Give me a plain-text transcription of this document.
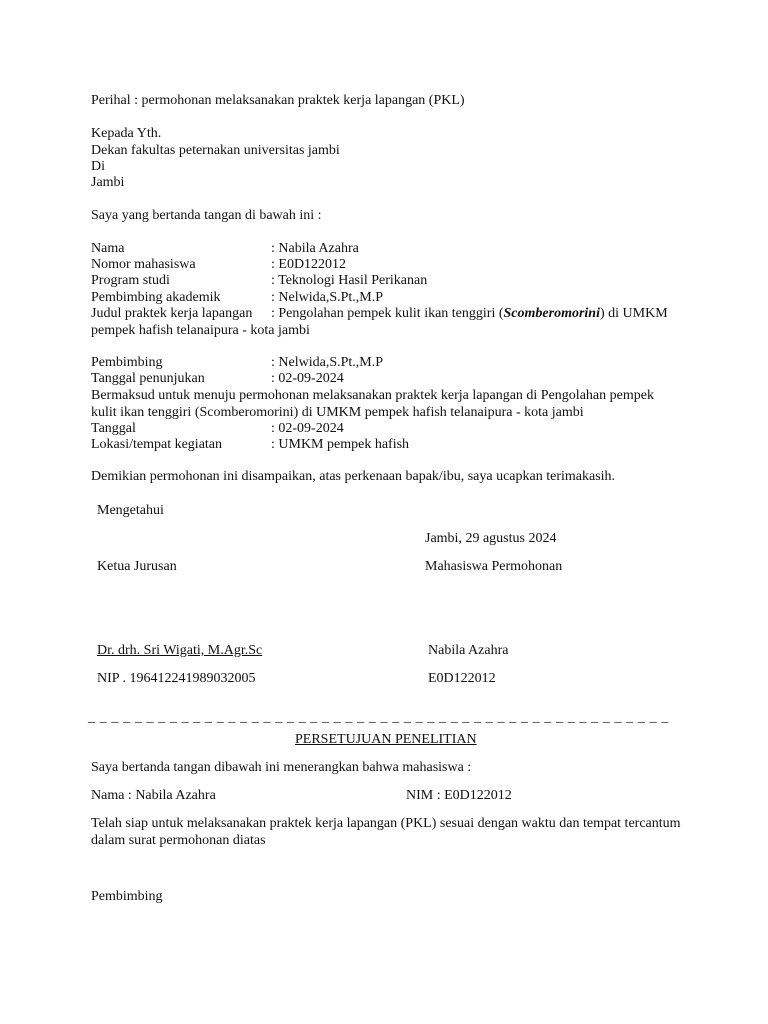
Perihal : permohonan melaksanakan praktek kerja lapangan (PKL)
Kepada Yth.
Dekan fakultas peternakan universitas jambi
Di
Jambi
Saya yang bertanda tangan di bawah ini :
Nama	: Nabila Azahra
Nomor mahasiswa	: E0D122012
Program studi	: Teknologi Hasil Perikanan
Pembimbing akademik	: Nelwida,S.Pt.,M.P
Judul praktek kerja lapangan : Pengolahan pempek kulit ikan tenggiri (Scomberomorini) di UMKM
pempek hafish telanaipura - kota jambi
Pembimbing	: Nelwida,S.Pt.,M.P
Tanggal penunjukan	: 02-09-2024
Bermaksud untuk menuju permohonan melaksanakan praktek kerja lapangan di Pengolahan pempek kulit ikan tenggiri (Scomberomorini) di UMKM pempek hafish telanaipura - kota jambi
Tanggal	: 02-09-2024
Lokasi/tempat kegiatan	: UMKM pempek hafish
Demikian permohonan ini disampaikan, atas perkenaan bapak/ibu, saya ucapkan terimakasih.
Mengetahui
Jambi, 29 agustus 2024
Ketua Jurusan	Mahasiswa Permohonan
Dr. drh. Sri Wigati, M.Agr.Sc	Nabila Azahra
NIP . 196412241989032005	E0D122012
_ _ _ _ _ _ _ _ _ _ _ _ _ _ _ _ _ _ _ _ _ _ _ _ _ _ _ _ _ _ _ _ _ _ _ _ _ _ _ _ _ _ _ _ _ _ _ _ _ _
PERSETUJUAN PENELITIAN
Saya bertanda tangan dibawah ini menerangkan bahwa mahasiswa :
Nama : Nabila Azahra	NIM : E0D122012
Telah siap untuk melaksanakan praktek kerja lapangan (PKL) sesuai dengan waktu dan tempat tercantum dalam surat permohonan diatas
Pembimbing
